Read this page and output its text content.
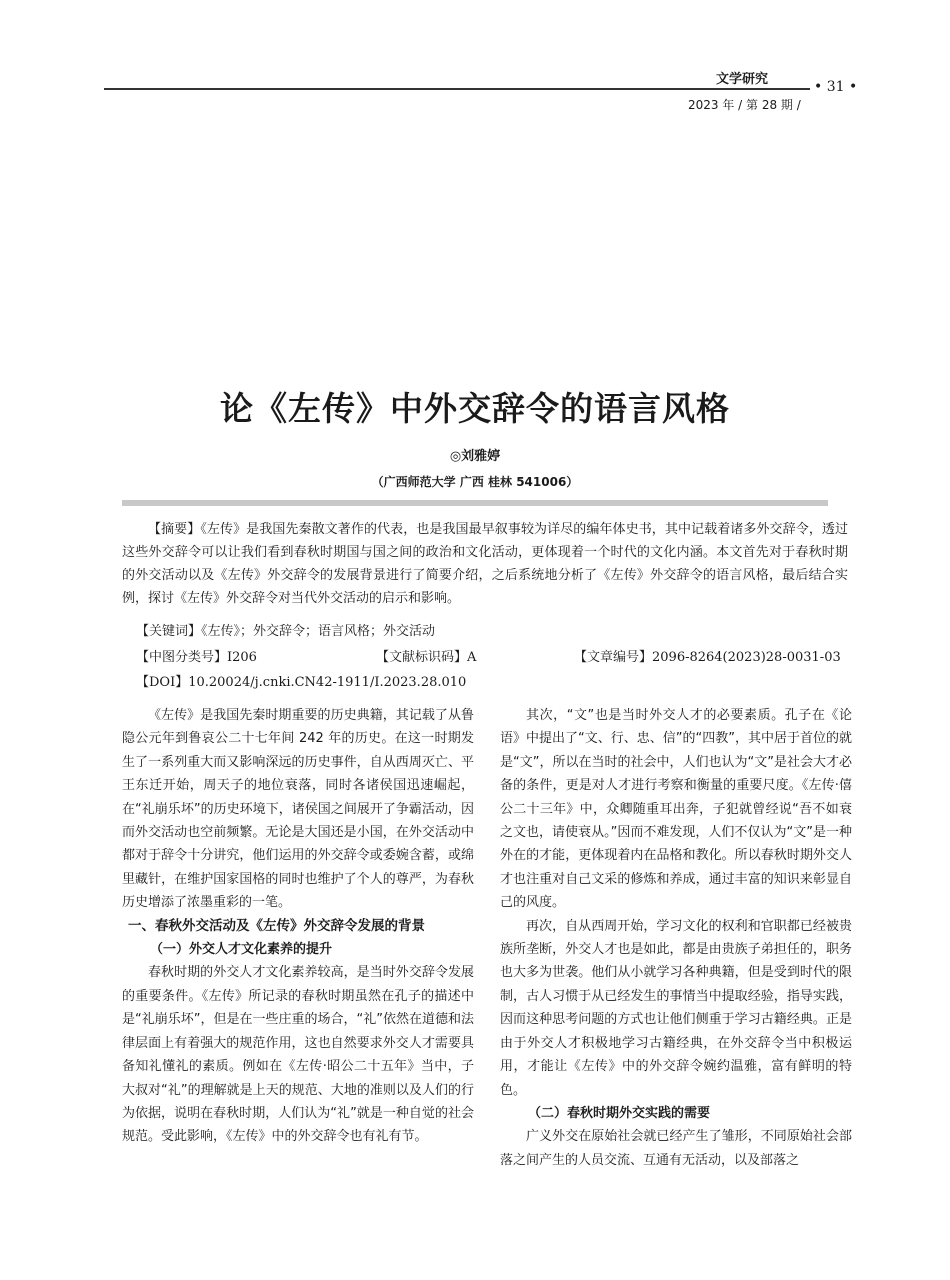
文学研究	• 31 •
2023 年 / 第 28 期 /
论《左传》中外交辞令的语言风格
◎刘雅婷
（广西师范大学 广西 桂林 541006）
【摘要】《左传》是我国先秦散文著作的代表，也是我国最早叙事较为详尽的编年体史书，其中记载着诸多外交辞令，透过这些外交辞令可以让我们看到春秋时期国与国之间的政治和文化活动，更体现着一个时代的文化内涵。本文首先对于春秋时期的外交活动以及《左传》外交辞令的发展背景进行了简要介绍，之后系统地分析了《左传》外交辞令的语言风格，最后结合实例，探讨《左传》外交辞令对当代外交活动的启示和影响。
【关键词】《左传》；外交辞令；语言风格；外交活动
【中图分类号】I206	【文献标识码】A	【文章编号】2096-8264(2023)28-0031-03
【DOI】10.20024/j.cnki.CN42-1911/I.2023.28.010

《左传》是我国先秦时期重要的历史典籍，其记载了从鲁隐公元年到鲁哀公二十七年间 242 年的历史。在这一时期发生了一系列重大而又影响深远的历史事件，自从西周灭亡、平王东迁开始，周天子的地位衰落，同时各诸侯国迅速崛起，在“礼崩乐坏”的历史环境下，诸侯国之间展开了争霸活动，因而外交活动也空前频繁。无论是大国还是小国，在外交活动中都对于辞令十分讲究，他们运用的外交辞令或委婉含蓄，或绵里藏针，在维护国家国格的同时也维护了个人的尊严，为春秋历史增添了浓墨重彩的一笔。

一、春秋外交活动及《左传》外交辞令发展的背景
（一）外交人才文化素养的提升

春秋时期的外交人才文化素养较高，是当时外交辞令发展的重要条件。《左传》所记录的春秋时期虽然在孔子的描述中是“礼崩乐坏”，但是在一些庄重的场合，“礼”依然在道德和法律层面上有着强大的规范作用，这也自然要求外交人才需要具备知礼懂礼的素质。例如在《左传·昭公二十五年》当中，子大叔对“礼”的理解就是上天的规范、大地的准则以及人们的行为依据，说明在春秋时期，人们认为“礼”就是一种自觉的社会规范。受此影响，《左传》中的外交辞令也有礼有节。

其次，“文”也是当时外交人才的必要素质。孔子在《论语》中提出了“文、行、忠、信”的“四教”，其中居于首位的就是“文”，所以在当时的社会中，人们也认为“文”是社会大才必备的条件，更是对人才进行考察和衡量的重要尺度。《左传·僖公二十三年》中，众卿随重耳出奔，子犯就曾经说“吾不如衰之文也，请使衰从。”因而不难发现，人们不仅认为“文”是一种外在的才能，更体现着内在品格和教化。所以春秋时期外交人才也注重对自己文采的修炼和养成，通过丰富的知识来彰显自己的风度。

再次，自从西周开始，学习文化的权利和官职都已经被贵族所垄断，外交人才也是如此，都是由贵族子弟担任的，职务也大多为世袭。他们从小就学习各种典籍，但是受到时代的限制，古人习惯于从已经发生的事情当中提取经验，指导实践，因而这种思考问题的方式也让他们侧重于学习古籍经典。正是由于外交人才积极地学习古籍经典，在外交辞令当中积极运用，才能让《左传》中的外交辞令婉约温雅，富有鲜明的特色。

（二）春秋时期外交实践的需要

广义外交在原始社会就已经产生了雏形，不同原始社会部落之间产生的人员交流、互通有无活动，以及部落之
